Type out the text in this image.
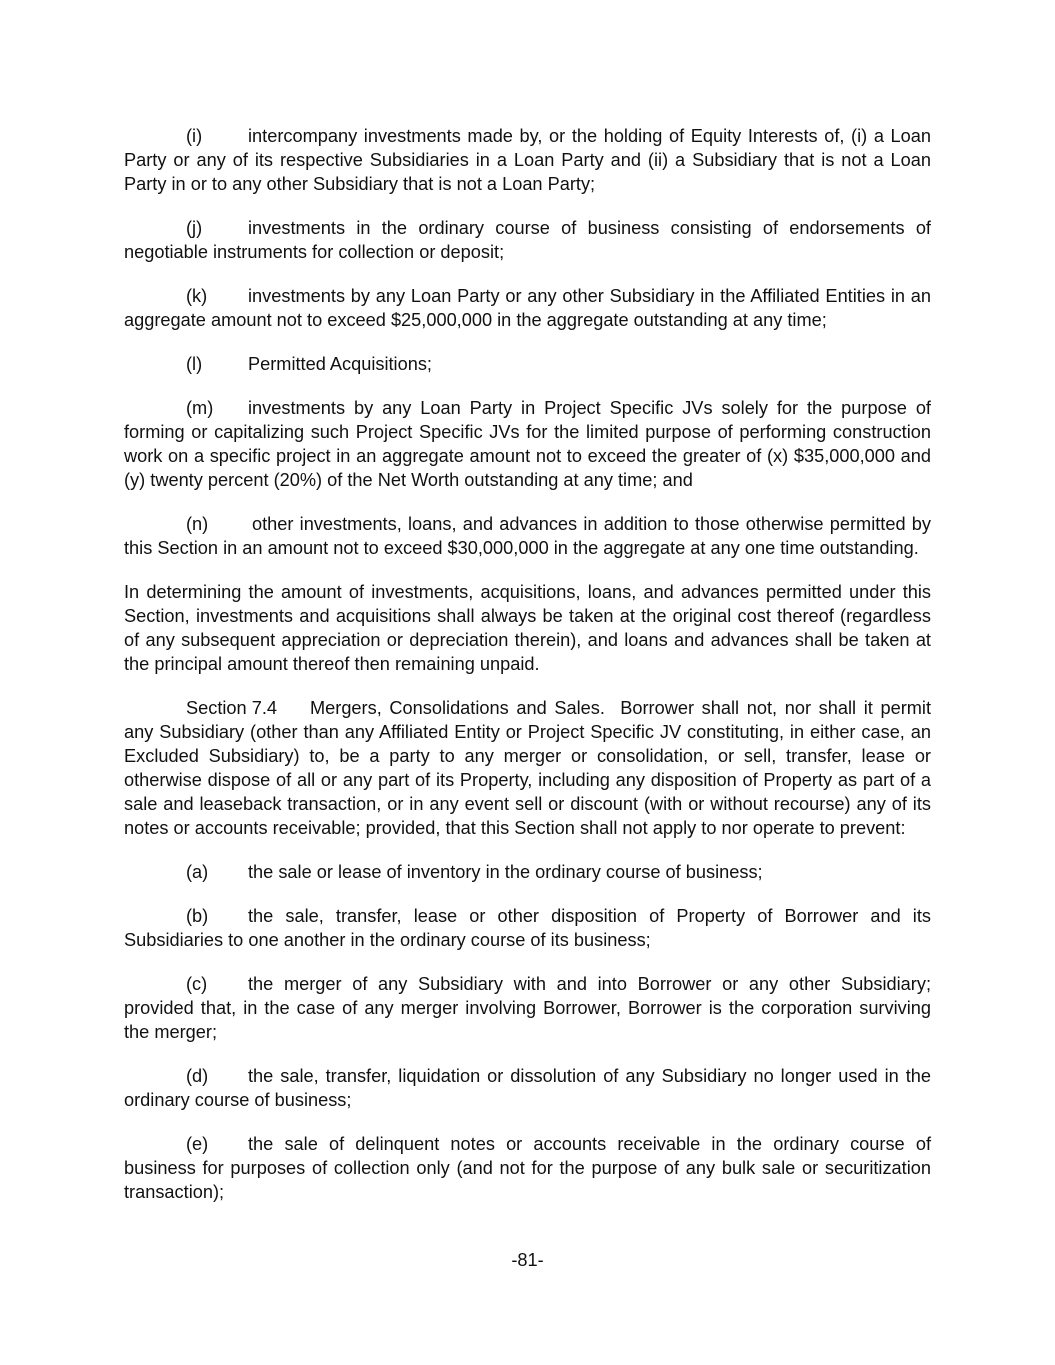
(i)	intercompany investments made by, or the holding of Equity Interests of, (i) a Loan Party or any of its respective Subsidiaries in a Loan Party and (ii) a Subsidiary that is not a Loan Party in or to any other Subsidiary that is not a Loan Party;

(j)	investments in the ordinary course of business consisting of endorsements of negotiable instruments for collection or deposit;

(k) investments by any Loan Party or any other Subsidiary in the Affiliated Entities in an aggregate amount not to exceed $25,000,000 in the aggregate outstanding at any time;

(l)	Permitted Acquisitions;

(m) investments by any Loan Party in Project Specific JVs solely for the purpose of forming or capitalizing such Project Specific JVs for the limited purpose of performing construction work on a specific project in an aggregate amount not to exceed the greater of (x) $35,000,000 and (y) twenty percent (20%) of the Net Worth outstanding at any time; and

(n) other investments, loans, and advances in addition to those otherwise permitted by this Section in an amount not to exceed $30,000,000 in the aggregate at any one time outstanding.

In determining the amount of investments, acquisitions, loans, and advances permitted under this Section, investments and acquisitions shall always be taken at the original cost thereof (regardless of any subsequent appreciation or depreciation therein), and loans and advances shall be taken at the principal amount thereof then remaining unpaid.

Section 7.4 Mergers, Consolidations and Sales. Borrower shall not, nor shall it permit any Subsidiary (other than any Affiliated Entity or Project Specific JV constituting, in either case, an Excluded Subsidiary) to, be a party to any merger or consolidation, or sell, transfer, lease or otherwise dispose of all or any part of its Property, including any disposition of Property as part of a sale and leaseback transaction, or in any event sell or discount (with or without recourse) any of its notes or accounts receivable; provided, that this Section shall not apply to nor operate to prevent:

(a) the sale or lease of inventory in the ordinary course of business;

(b) the sale, transfer, lease or other disposition of Property of Borrower and its Subsidiaries to one another in the ordinary course of its business;

(c) the merger of any Subsidiary with and into Borrower or any other Subsidiary; provided that, in the case of any merger involving Borrower, Borrower is the corporation surviving the merger;

(d) the sale, transfer, liquidation or dissolution of any Subsidiary no longer used in the ordinary course of business;

(e) the sale of delinquent notes or accounts receivable in the ordinary course of business for purposes of collection only (and not for the purpose of any bulk sale or securitization transaction);

-81-
